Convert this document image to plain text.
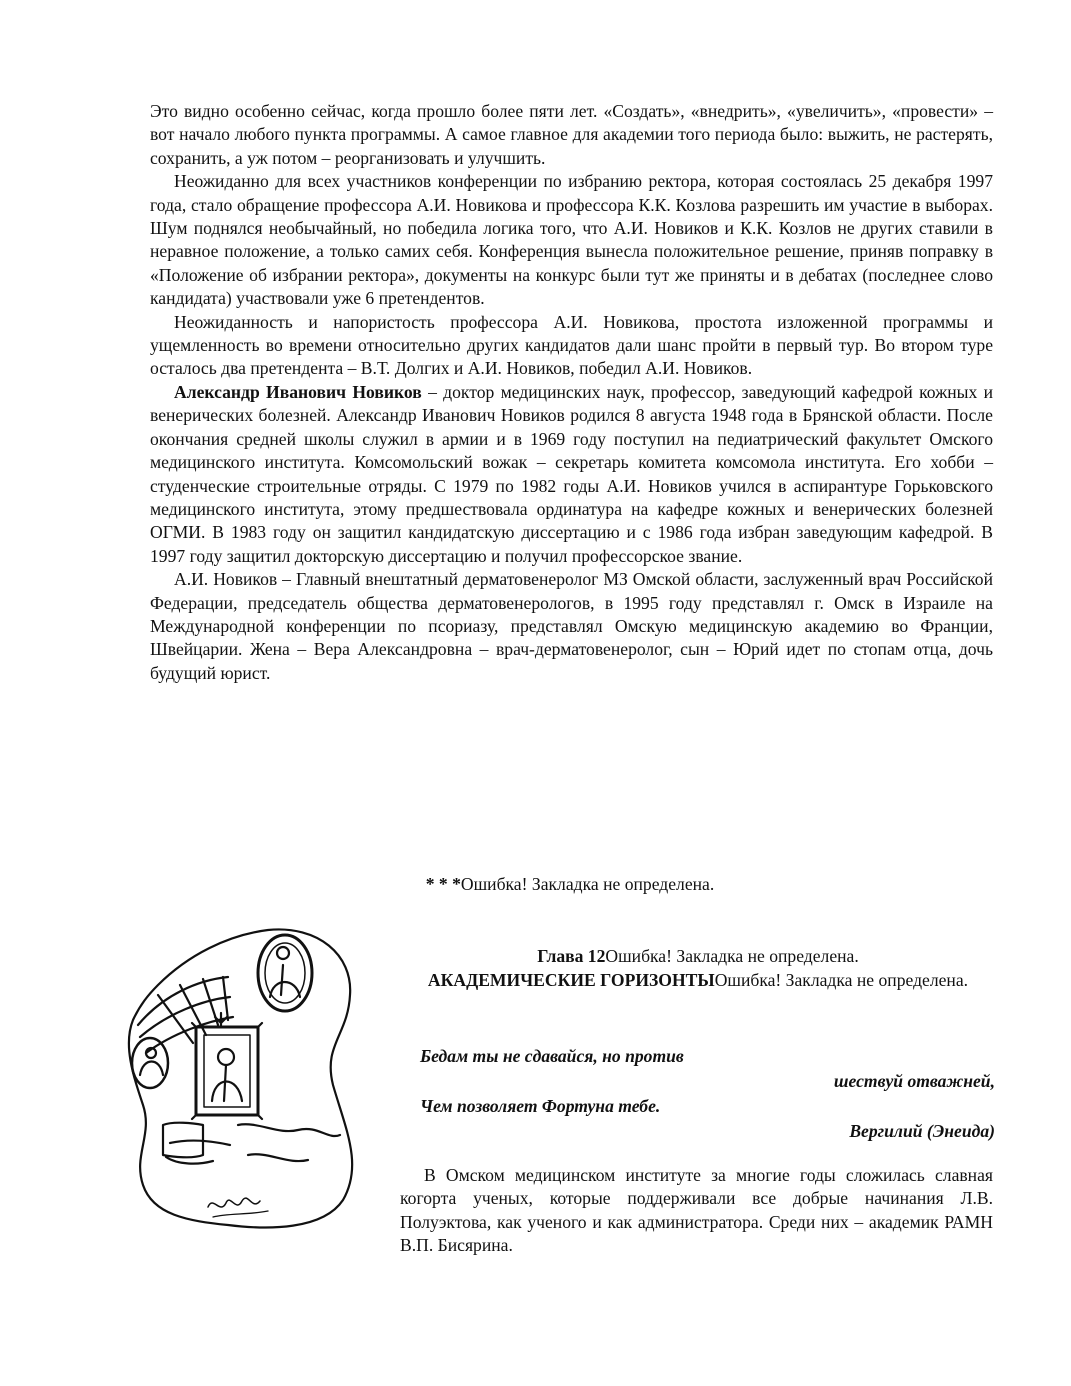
Это видно особенно сейчас, когда прошло более пяти лет. «Создать», «внедрить», «увеличить», «провести» – вот начало любого пункта программы. А самое главное для академии того периода было: выжить, не растерять, сохранить, а уж потом – реорганизовать и улучшить.

Неожиданно для всех участников конференции по избранию ректора, которая состоялась 25 декабря 1997 года, стало обращение профессора А.И. Новикова и профессора К.К. Козлова разрешить им участие в выборах. Шум поднялся необычайный, но победила логика того, что А.И. Новиков и К.К. Козлов не других ставили в неравное положение, а только самих себя. Конференция вынесла положительное решение, приняв поправку в «Положение об избрании ректора», документы на конкурс были тут же приняты и в дебатах (последнее слово кандидата) участвовали уже 6 претендентов.

Неожиданность и напористость профессора А.И. Новикова, простота изложенной программы и ущемленность во времени относительно других кандидатов дали шанс пройти в первый тур. Во втором туре осталось два претендента – В.Т. Долгих и А.И. Новиков, победил А.И. Новиков.

Александр Иванович Новиков – доктор медицинских наук, профессор, заведующий кафедрой кожных и венерических болезней. Александр Иванович Новиков родился 8 августа 1948 года в Брянской области. После окончания средней школы служил в армии и в 1969 году поступил на педиатрический факультет Омского медицинского института. Комсомольский вожак – секретарь комитета комсомола института. Его хобби – студенческие строительные отряды. С 1979 по 1982 годы А.И. Новиков учился в аспирантуре Горьковского медицинского института, этому предшествовала ординатура на кафедре кожных и венерических болезней ОГМИ. В 1983 году он защитил кандидатскую диссертацию и с 1986 года избран заведующим кафедрой. В 1997 году защитил докторскую диссертацию и получил профессорское звание.

А.И. Новиков – Главный внештатный дерматовенеролог МЗ Омской области, заслуженный врач Российской Федерации, председатель общества дерматовенерологов, в 1995 году представлял г. Омск в Израиле на Международной конференции по псориазу, представлял Омскую медицинскую академию во Франции, Швейцарии. Жена – Вера Александровна – врач-дерматовенеролог, сын – Юрий идет по стопам отца, дочь будущий юрист.

* * *Ошибка! Закладка не определена.
Глава 12Ошибка! Закладка не определена.
АКАДЕМИЧЕСКИЕ ГОРИЗОНТЫОшибка! Закладка не определена.
Бедам ты не сдавайся, но против
шествуй отважней,
Чем позволяет Фортуна тебе.
Вергилий (Энеида)
В Омском медицинском институте за многие годы сложилась славная когорта ученых, которые поддерживали все добрые начинания Л.В. Полуэктова, как ученого и как администратора. Среди них – академик РАМН В.П. Бисярина.
